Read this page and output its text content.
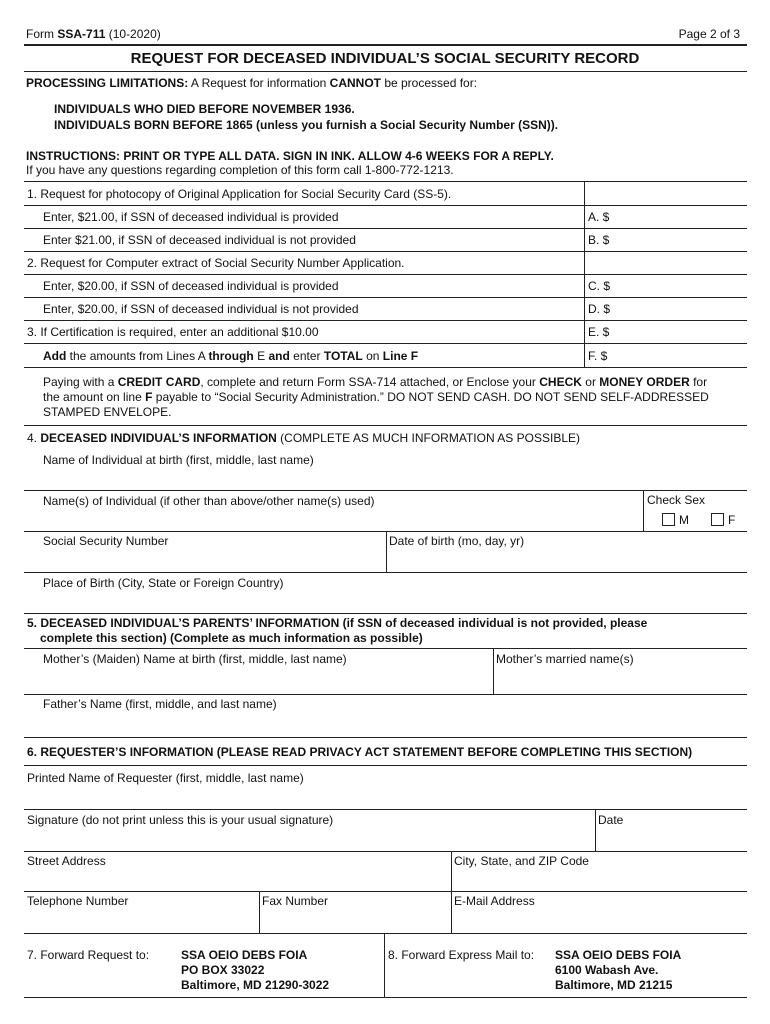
Form SSA-711 (10-2020)	Page 2 of 3
REQUEST FOR DECEASED INDIVIDUAL’S SOCIAL SECURITY RECORD
PROCESSING LIMITATIONS: A Request for information CANNOT be processed for:
INDIVIDUALS WHO DIED BEFORE NOVEMBER 1936.
INDIVIDUALS BORN BEFORE 1865 (unless you furnish a Social Security Number (SSN)).
INSTRUCTIONS: PRINT OR TYPE ALL DATA. SIGN IN INK. ALLOW 4-6 WEEKS FOR A REPLY.
If you have any questions regarding completion of this form call 1-800-772-1213.
1. Request for photocopy of Original Application for Social Security Card (SS-5).
Enter, $21.00, if SSN of deceased individual is provided	A. $
Enter $21.00, if SSN of deceased individual is not provided	B. $
2. Request for Computer extract of Social Security Number Application.
Enter, $20.00, if SSN of deceased individual is provided	C. $
Enter, $20.00, if SSN of deceased individual is not provided	D. $
3. If Certification is required, enter an additional $10.00	E. $
Add the amounts from Lines A through E and enter TOTAL on Line F	F. $
Paying with a CREDIT CARD, complete and return Form SSA-714 attached, or Enclose your CHECK or MONEY ORDER for
the amount on line F payable to “Social Security Administration.” DO NOT SEND CASH. DO NOT SEND SELF-ADDRESSED
STAMPED ENVELOPE.
4. DECEASED INDIVIDUAL’S INFORMATION (COMPLETE AS MUCH INFORMATION AS POSSIBLE)
Name of Individual at birth (first, middle, last name)
Name(s) of Individual (if other than above/other name(s) used)	Check Sex
M	F
Social Security Number	Date of birth (mo, day, yr)
Place of Birth (City, State or Foreign Country)
5. DECEASED INDIVIDUAL’S PARENTS’ INFORMATION (if SSN of deceased individual is not provided, please
complete this section) (Complete as much information as possible)
Mother’s (Maiden) Name at birth (first, middle, last name)	Mother’s married name(s)
Father’s Name (first, middle, and last name)
6. REQUESTER’S INFORMATION (PLEASE READ PRIVACY ACT STATEMENT BEFORE COMPLETING THIS SECTION)
Printed Name of Requester (first, middle, last name)
Signature (do not print unless this is your usual signature)	Date
Street Address	City, State, and ZIP Code
Telephone Number	Fax Number	E-Mail Address
7. Forward Request to:	SSA OEIO DEBS FOIA
PO BOX 33022
Baltimore, MD 21290-3022
8. Forward Express Mail to: SSA OEIO DEBS FOIA
6100 Wabash Ave.
Baltimore, MD 21215
